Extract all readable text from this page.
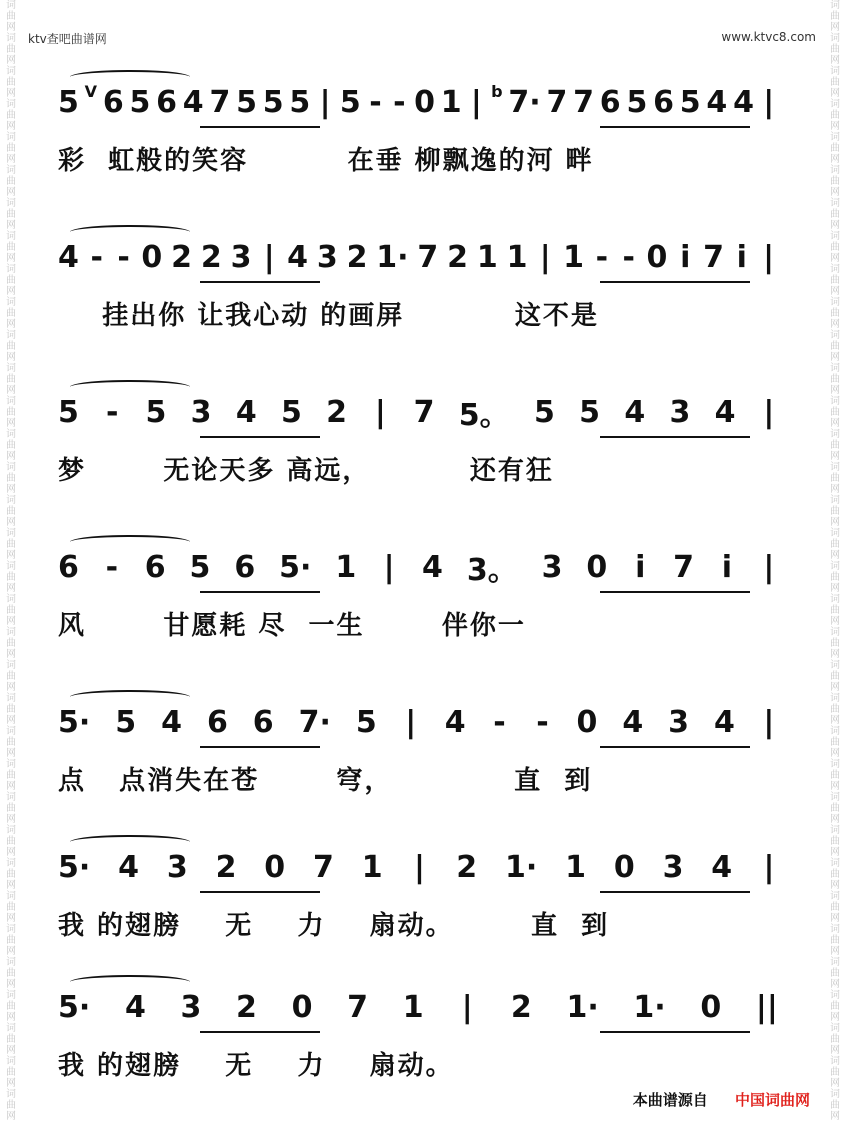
词
曲
网
词
曲
网
词
曲
网
词
曲
网
词
曲
网
词
曲
网
词
曲
网
词
曲
网
词
曲
网
词
曲
网
词
曲
网
词
曲
网
词
曲
网
词
曲
网
词
曲
网
词
曲
网
词
曲
网
词
曲
网
词
曲
网
词
曲
网
词
曲
网
词
曲
网
词
曲
网
词
曲
网
词
曲
网
词
曲
网
词
曲
网
词
曲
网
词
曲
网
词
曲
网
词
曲
网
词
曲
网
词
曲
网
词
曲
网
词
曲
网
词
曲
网
词
曲
网
词
曲
网
词
曲
网
词
曲
网
词
曲
网
词
曲
网
词
曲
网
词
曲
网
词
曲
网
词
曲
网
词
曲
网
词
曲
网
词
曲
网
词
曲
网
词
曲
网
词
曲
网
词
曲
网
词
曲
网
词
曲
网
词
曲
网
词
曲
网
词
曲
网
词
曲
网
词
曲
网
词
曲
网
词
曲
网
词
曲
网
词
曲
网
词
曲
网
词
曲
网
词
曲
网
词
曲
网
ktv查吧曲谱网	www.ktvc8.com
5 V 6 5 6 4 7 5 5 5 | 5 - - 0 1 | b 7· 7 7 6 5 6 5 4 4 |
彩  虹般的笑容         在垂 柳飘逸的河 畔
4 - - 0 2 2 3 | 4 3 2 1· 7 2 1 1 | 1 - - 0 i 7 i |
挂出你 让我心动 的画屏          这不是
5 - 5 3 4 5 2 | 7 5。 5 5 4 3 4 |
梦       无论天多 高远，         还有狂
6 - 6 5 6 5· 1 | 4 3。 3 0 i 7 i |
风       甘愿耗 尽  一生       伴你一
5· 5 4 6 6 7· 5 | 4 - - 0 4 3 4 |
点   点消失在苍       穹，           直  到
5· 4 3 2 0 7 1 | 2 1· 1 0 3 4 |
我 的翅膀    无    力    扇动。       直  到
5· 4 3 2 0 7 1 | 2 1· 1· 0 ||
我 的翅膀    无    力    扇动。
本曲谱源自 中国词曲网
